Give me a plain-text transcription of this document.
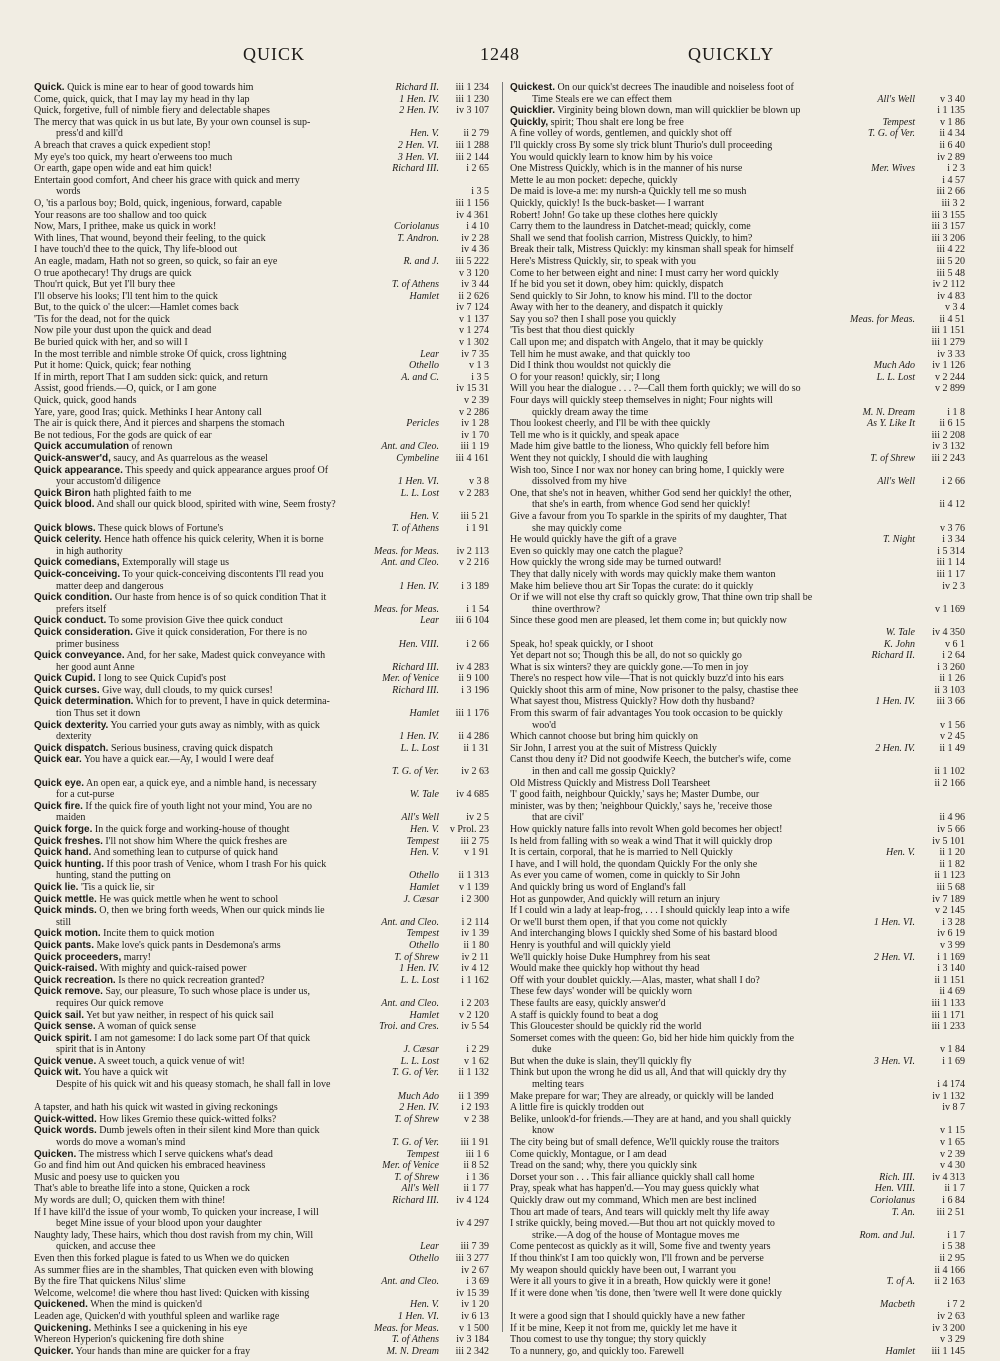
QUICK	1248	QUICKLY
Quick. Quick is mine ear to hear of good towards him	Richard II.	iii 1 234
Come, quick, quick, that I may lay my head in thy lap	1 Hen. IV.	iii 1 230
Quick, forgetive, full of nimble fiery and delectable shapes	2 Hen. IV.	iv 3 107
The mercy that was quick in us but late, By your own counsel is sup-
press'd and kill'd	Hen. V.	ii 2 79
A breach that craves a quick expedient stop!	2 Hen. VI.	iii 1 288
My eye's too quick, my heart o'erweens too much	3 Hen. VI.	iii 2 144
Or earth, gape open wide and eat him quick!	Richard III.	i 2 65
Entertain good comfort, And cheer his grace with quick and merry
words	i 3 5
O, 'tis a parlous boy; Bold, quick, ingenious, forward, capable	iii 1 156
Your reasons are too shallow and too quick	iv 4 361
Now, Mars, I prithee, make us quick in work!	Coriolanus	i 4 10
With lines, That wound, beyond their feeling, to the quick	T. Andron.	iv 2 28
I have touch'd thee to the quick, Thy life-blood out	iv 4 36
An eagle, madam, Hath not so green, so quick, so fair an eye	R. and J.	iii 5 222
O true apothecary! Thy drugs are quick	v 3 120
Thou'rt quick, But yet I'll bury thee	T. of Athens	iv 3 44
I'll observe his looks; I'll tent him to the quick	Hamlet	ii 2 626
But, to the quick o' the ulcer:—Hamlet comes back	iv 7 124
'Tis for the dead, not for the quick	v 1 137
Now pile your dust upon the quick and dead	v 1 274
Be buried quick with her, and so will I	v 1 302
In the most terrible and nimble stroke Of quick, cross lightning	Lear	iv 7 35
Put it home: Quick, quick; fear nothing	Othello	v 1 3
If in mirth, report That I am sudden sick: quick, and return	A. and C.	i 3 5
Assist, good friends.—O, quick, or I am gone	iv 15 31
Quick, quick, good hands	v 2 39
Yare, yare, good Iras; quick. Methinks I hear Antony call	v 2 286
The air is quick there, And it pierces and sharpens the stomach	Pericles	iv 1 28
Be not tedious, For the gods are quick of ear	iv 1 70
Quick accumulation of renown	Ant. and Cleo.	iii 1 19
Quick-answer'd, saucy, and As quarrelous as the weasel	Cymbeline	iii 4 161
Quick appearance. This speedy and quick appearance argues proof Of
your accustom'd diligence	1 Hen. VI.	v 3 8
Quick Biron hath plighted faith to me	L. L. Lost	v 2 283
Quick blood. And shall our quick blood, spirited with wine, Seem frosty?
Hen. V.	iii 5 21
Quick blows. These quick blows of Fortune's	T. of Athens	i 1 91
Quick celerity. Hence hath offence his quick celerity, When it is borne
in high authority	Meas. for Meas.	iv 2 113
Quick comedians, Extemporally will stage us	Ant. and Cleo.	v 2 216
Quick-conceiving. To your quick-conceiving discontents I'll read you
matter deep and dangerous	1 Hen. IV.	i 3 189
Quick condition. Our haste from hence is of so quick condition That it
prefers itself	Meas. for Meas.	i 1 54
Quick conduct. To some provision Give thee quick conduct	Lear	iii 6 104
Quick consideration. Give it quick consideration, For there is no
primer business	Hen. VIII.	i 2 66
Quick conveyance. And, for her sake, Madest quick conveyance with
her good aunt Anne	Richard III.	iv 4 283
Quick Cupid. I long to see Quick Cupid's post	Mer. of Venice	ii 9 100
Quick curses. Give way, dull clouds, to my quick curses!	Richard III.	i 3 196
Quick determination. Which for to prevent, I have in quick determina-
tion Thus set it down	Hamlet	iii 1 176
Quick dexterity. You carried your guts away as nimbly, with as quick
dexterity	1 Hen. IV.	ii 4 286
Quick dispatch. Serious business, craving quick dispatch	L. L. Lost	ii 1 31
Quick ear. You have a quick ear.—Ay, I would I were deaf
T. G. of Ver.	iv 2 63
Quick eye. An open ear, a quick eye, and a nimble hand, is necessary
for a cut-purse	W. Tale	iv 4 685
Quick fire. If the quick fire of youth light not your mind, You are no
maiden	All's Well	iv 2 5
Quick forge. In the quick forge and working-house of thought	Hen. V.	v Prol. 23
Quick freshes. I'll not show him Where the quick freshes are	Tempest	iii 2 75
Quick hand. And something lean to cutpurse of quick hand	Hen. V.	v 1 91
Quick hunting. If this poor trash of Venice, whom I trash For his quick
hunting, stand the putting on	Othello	ii 1 313
Quick lie. 'Tis a quick lie, sir	Hamlet	v 1 139
Quick mettle. He was quick mettle when he went to school	J. Cæsar	i 2 300
Quick minds. O, then we bring forth weeds, When our quick minds lie
still	Ant. and Cleo.	i 2 114
Quick motion. Incite them to quick motion	Tempest	iv 1 39
Quick pants. Make love's quick pants in Desdemona's arms	Othello	ii 1 80
Quick proceeders, marry!	T. of Shrew	iv 2 11
Quick-raised. With mighty and quick-raised power	1 Hen. IV.	iv 4 12
Quick recreation. Is there no quick recreation granted?	L. L. Lost	i 1 162
Quick remove. Say, our pleasure, To such whose place is under us,
requires Our quick remove	Ant. and Cleo.	i 2 203
Quick sail. Yet but yaw neither, in respect of his quick sail	Hamlet	v 2 120
Quick sense. A woman of quick sense	Troi. and Cres.	iv 5 54
Quick spirit. I am not gamesome: I do lack some part Of that quick
spirit that is in Antony	J. Cæsar	i 2 29
Quick venue. A sweet touch, a quick venue of wit!	L. L. Lost	v 1 62
Quick wit. You have a quick wit	T. G. of Ver.	ii 1 132
Despite of his quick wit and his queasy stomach, he shall fall in love
Much Ado	ii 1 399
A tapster, and hath his quick wit wasted in giving reckonings	2 Hen. IV.	i 2 193
Quick-witted. How likes Gremio these quick-witted folks?	T. of Shrew	v 2 38
Quick words. Dumb jewels often in their silent kind More than quick
words do move a woman's mind	T. G. of Ver.	iii 1 91
Quicken. The mistress which I serve quickens what's dead	Tempest	iii 1 6
Go and find him out And quicken his embraced heaviness	Mer. of Venice	ii 8 52
Music and poesy use to quicken you	T. of Shrew	i 1 36
That's able to breathe life into a stone, Quicken a rock	All's Well	ii 1 77
My words are dull; O, quicken them with thine!	Richard III.	iv 4 124
If I have kill'd the issue of your womb, To quicken your increase, I will
beget Mine issue of your blood upon your daughter	iv 4 297
Naughty lady, These hairs, which thou dost ravish from my chin, Will
quicken, and accuse thee	Lear	iii 7 39
Even then this forked plague is fated to us When we do quicken	Othello	iii 3 277
As summer flies are in the shambles, That quicken even with blowing	iv 2 67
By the fire That quickens Nilus' slime	Ant. and Cleo.	i 3 69
Welcome, welcome! die where thou hast lived: Quicken with kissing	iv 15 39
Quickened. When the mind is quicken'd	Hen. V.	iv 1 20
Leaden age, Quicken'd with youthful spleen and warlike rage	1 Hen. VI.	iv 6 13
Quickening. Methinks I see a quickening in his eye	Meas. for Meas.	v 1 500
Whereon Hyperion's quickening fire doth shine	T. of Athens	iv 3 184
Quicker. Your hands than mine are quicker for a fray	M. N. Dream	iii 2 342
Quickest. On our quick'st decrees The inaudible and noiseless foot of
Time Steals ere we can effect them	All's Well	v 3 40
Quicklier. Virginity being blown down, man will quicklier be blown up	i 1 135
Quickly, spirit; Thou shalt ere long be free	Tempest	v 1 86
A fine volley of words, gentlemen, and quickly shot off	T. G. of Ver.	ii 4 34
I'll quickly cross By some sly trick blunt Thurio's dull proceeding	ii 6 40
You would quickly learn to know him by his voice	iv 2 89
One Mistress Quickly, which is in the manner of his nurse	Mer. Wives	i 2 3
Mette le au mon pocket: depeche, quickly	i 4 57
De maid is love-a me: my nursh-a Quickly tell me so mush	iii 2 66
Quickly, quickly! Is the buck-basket— I warrant	iii 3 2
Robert! John! Go take up these clothes here quickly	iii 3 155
Carry them to the laundress in Datchet-mead; quickly, come	iii 3 157
Shall we send that foolish carrion, Mistress Quickly, to him?	iii 3 206
Break their talk, Mistress Quickly: my kinsman shall speak for himself	iii 4 22
Here's Mistress Quickly, sir, to speak with you	iii 5 20
Come to her between eight and nine: I must carry her word quickly	iii 5 48
If he bid you set it down, obey him: quickly, dispatch	iv 2 112
Send quickly to Sir John, to know his mind. I'll to the doctor	iv 4 83
Away with her to the deanery, and dispatch it quickly	v 3 4
Say you so? then I shall pose you quickly	Meas. for Meas.	ii 4 51
'Tis best that thou diest quickly	iii 1 151
Call upon me; and dispatch with Angelo, that it may be quickly	iii 1 279
Tell him he must awake, and that quickly too	iv 3 33
Did I think thou wouldst not quickly die	Much Ado	iv 1 126
O for your reason! quickly, sir; I long	L. L. Lost	v 2 244
Will you hear the dialogue . . . ?—Call them forth quickly; we will do so	v 2 899
Four days will quickly steep themselves in night; Four nights will
quickly dream away the time	M. N. Dream	i 1 8
Thou lookest cheerly, and I'll be with thee quickly	As Y. Like It	ii 6 15
Tell me who is it quickly, and speak apace	iii 2 208
Made him give battle to the lioness, Who quickly fell before him	iv 3 132
Went they not quickly, I should die with laughing	T. of Shrew	iii 2 243
Wish too, Since I nor wax nor honey can bring home, I quickly were
dissolved from my hive	All's Well	i 2 66
One, that she's not in heaven, whither God send her quickly! the other,
that she's in earth, from whence God send her quickly!	ii 4 12
Give a favour from you To sparkle in the spirits of my daughter, That
she may quickly come	v 3 76
He would quickly have the gift of a grave	T. Night	i 3 34
Even so quickly may one catch the plague?	i 5 314
How quickly the wrong side may be turned outward!	iii 1 14
They that dally nicely with words may quickly make them wanton	iii 1 17
Make him believe thou art Sir Topas the curate: do it quickly	iv 2 3
Or if we will not else thy craft so quickly grow, That thine own trip shall be
thine overthrow?	v 1 169
Since these good men are pleased, let them come in; but quickly now
W. Tale	iv 4 350
Speak, ho! speak quickly, or I shoot	K. John	v 6 1
Yet depart not so; Though this be all, do not so quickly go	Richard II.	i 2 64
What is six winters? they are quickly gone.—To men in joy	i 3 260
There's no respect how vile—That is not quickly buzz'd into his ears	ii 1 26
Quickly shoot this arm of mine, Now prisoner to the palsy, chastise thee	ii 3 103
What sayest thou, Mistress Quickly? How doth thy husband?	1 Hen. IV.	iii 3 66
From this swarm of fair advantages You took occasion to be quickly
woo'd	v 1 56
Which cannot choose but bring him quickly on	v 2 45
Sir John, I arrest you at the suit of Mistress Quickly	2 Hen. IV.	ii 1 49
Canst thou deny it? Did not goodwife Keech, the butcher's wife, come
in then and call me gossip Quickly?	ii 1 102
Old Mistress Quickly and Mistress Doll Tearsheet	ii 2 166
'I' good faith, neighbour Quickly,' says he; Master Dumbe, our
minister, was by then; 'neighbour Quickly,' says he, 'receive those
that are civil'	ii 4 96
How quickly nature falls into revolt When gold becomes her object!	iv 5 66
Is held from falling with so weak a wind That it will quickly drop	iv 5 101
It is certain, corporal, that he is married to Nell Quickly	Hen. V.	ii 1 20
I have, and I will hold, the quondam Quickly For the only she	ii 1 82
As ever you came of women, come in quickly to Sir John	ii 1 123
And quickly bring us word of England's fall	iii 5 68
Hot as gunpowder, And quickly will return an injury	iv 7 189
If I could win a lady at leap-frog, . . . I should quickly leap into a wife	v 2 145
Or we'll burst them open, if that you come not quickly	1 Hen. VI.	i 3 28
And interchanging blows I quickly shed Some of his bastard blood	iv 6 19
Henry is youthful and will quickly yield	v 3 99
We'll quickly hoise Duke Humphrey from his seat	2 Hen. VI.	i 1 169
Would make thee quickly hop without thy head	i 3 140
Off with your doublet quickly.—Alas, master, what shall I do?	ii 1 151
These few days' wonder will be quickly worn	ii 4 69
These faults are easy, quickly answer'd	iii 1 133
A staff is quickly found to beat a dog	iii 1 171
This Gloucester should be quickly rid the world	iii 1 233
Somerset comes with the queen: Go, bid her hide him quickly from the
duke	v 1 84
But when the duke is slain, they'll quickly fly	3 Hen. VI.	i 1 69
Think but upon the wrong he did us all, And that will quickly dry thy
melting tears	i 4 174
Make prepare for war; They are already, or quickly will be landed	iv 1 132
A little fire is quickly trodden out	iv 8 7
Belike, unlook'd-for friends.—They are at hand, and you shall quickly
know	v 1 15
The city being but of small defence, We'll quickly rouse the traitors	v 1 65
Come quickly, Montague, or I am dead	v 2 39
Tread on the sand; why, there you quickly sink	v 4 30
Dorset your son . . . This fair alliance quickly shall call home	Rich. III.	iv 4 313
Pray, speak what has happen'd.—You may guess quickly what	Hen. VIII.	ii 1 7
Quickly draw out my command, Which men are best inclined	Coriolanus	i 6 84
Thou art made of tears, And tears will quickly melt thy life away	T. An.	iii 2 51
I strike quickly, being moved.—But thou art not quickly moved to
strike.—A dog of the house of Montague moves me	Rom. and Jul.	i 1 7
Come pentecost as quickly as it will, Some five and twenty years	i 5 38
If thou think'st I am too quickly won, I'll frown and be perverse	ii 2 95
My weapon should quickly have been out, I warrant you	ii 4 166
Were it all yours to give it in a breath, How quickly were it gone!	T. of A.	ii 2 163
If it were done when 'tis done, then 'twere well It were done quickly
Macbeth	i 7 2
It were a good sign that I should quickly have a new father	iv 2 63
If it be mine, Keep it not from me, quickly let me have it	iv 3 200
Thou comest to use thy tongue; thy story quickly	v 3 29
To a nunnery, go, and quickly too. Farewell	Hamlet	iii 1 145
